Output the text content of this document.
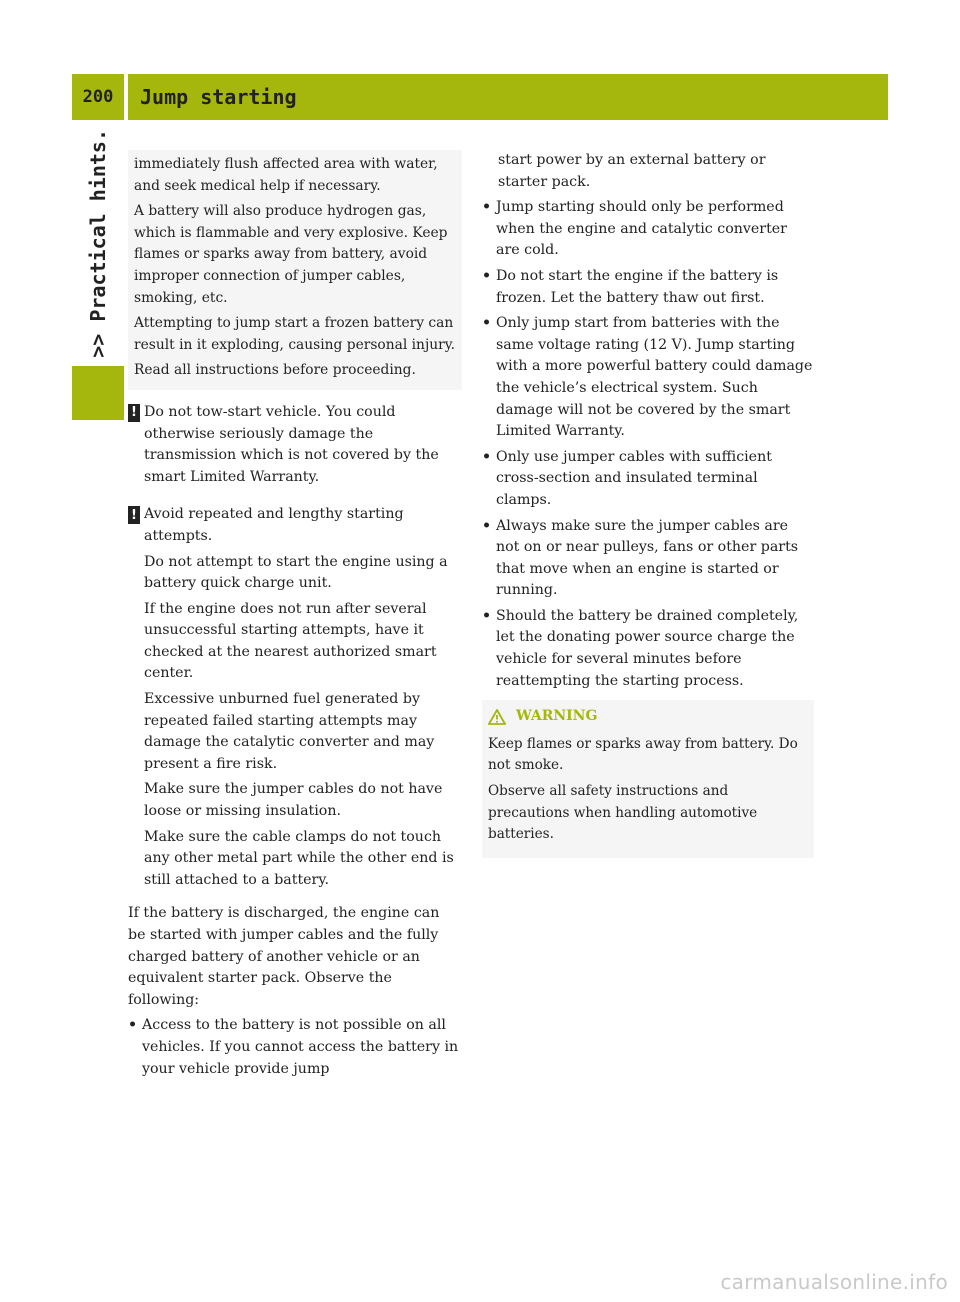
200	Jump starting
>> Practical hints. immediately flush affected area with water, and seek medical help if necessary.

A battery will also produce hydrogen gas, which is flammable and very explosive. Keep flames or sparks away from battery, avoid improper connection of jumper cables, smoking, etc.

Attempting to jump start a frozen battery can result in it exploding, causing personal injury.

Read all instructions before proceeding.

! Do not tow-start vehicle. You could otherwise seriously damage the transmission which is not covered by the smart Limited Warranty.

! Avoid repeated and lengthy starting attempts.

Do not attempt to start the engine using a battery quick charge unit.

If the engine does not run after several unsuccessful starting attempts, have it checked at the nearest authorized smart center.

Excessive unburned fuel generated by repeated failed starting attempts may damage the catalytic converter and may present a fire risk.

Make sure the jumper cables do not have loose or missing insulation.

Make sure the cable clamps do not touch any other metal part while the other end is still attached to a battery.

If the battery is discharged, the engine can be started with jumper cables and the fully charged battery of another vehicle or an equivalent starter pack. Observe the following:

• Access to the battery is not possible on all vehicles. If you cannot access the battery in your vehicle provide jump

start power by an external battery or starter pack.

• Jump starting should only be performed when the engine and catalytic converter are cold.
• Do not start the engine if the battery is frozen. Let the battery thaw out first.
• Only jump start from batteries with the same voltage rating (12 V). Jump starting with a more powerful battery could damage the vehicle’s electrical system. Such damage will not be covered by the smart Limited Warranty.
• Only use jumper cables with sufficient cross-section and insulated terminal clamps.
• Always make sure the jumper cables are not on or near pulleys, fans or other parts that move when an engine is started or running.
• Should the battery be drained completely, let the donating power source charge the vehicle for several minutes before reattempting the starting process.
WARNING

Keep flames or sparks away from battery. Do not smoke.

Observe all safety instructions and precautions when handling automotive batteries.

carmanualsonline.info
